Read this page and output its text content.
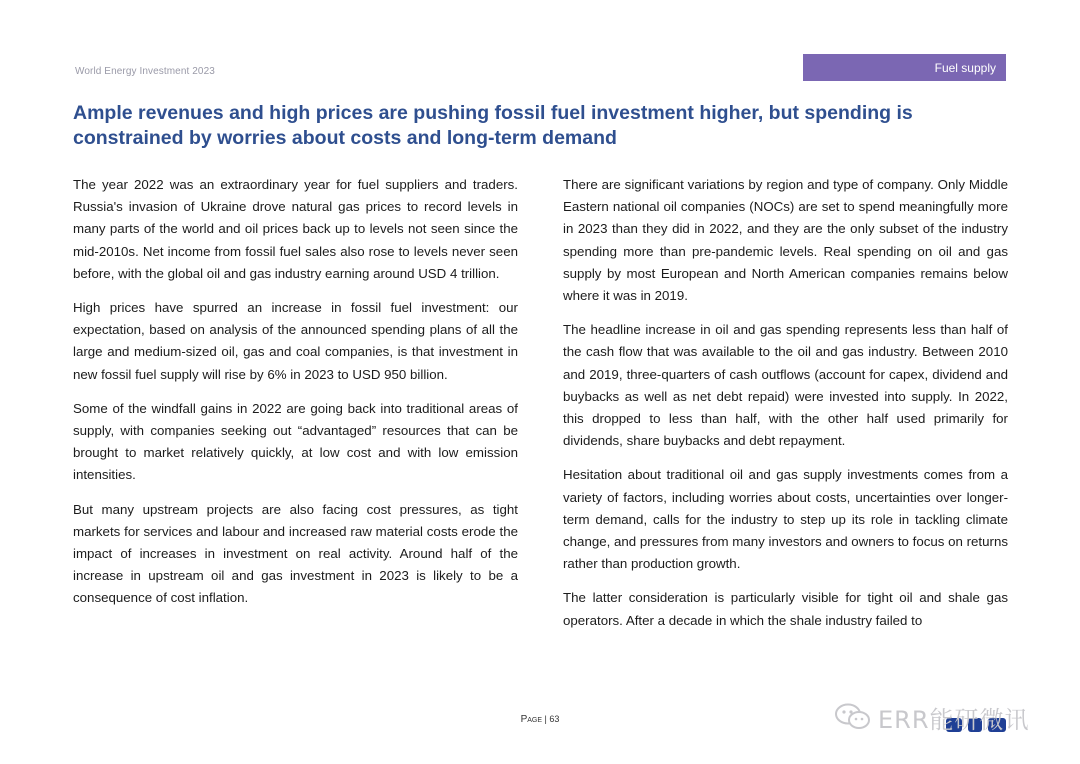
World Energy Investment 2023	Fuel supply
Ample revenues and high prices are pushing fossil fuel investment higher, but spending is constrained by worries about costs and long-term demand

The year 2022 was an extraordinary year for fuel suppliers and traders. Russia's invasion of Ukraine drove natural gas prices to record levels in many parts of the world and oil prices back up to levels not seen since the mid-2010s. Net income from fossil fuel sales also rose to levels never seen before, with the global oil and gas industry earning around USD 4 trillion.

High prices have spurred an increase in fossil fuel investment: our expectation, based on analysis of the announced spending plans of all the large and medium-sized oil, gas and coal companies, is that investment in new fossil fuel supply will rise by 6% in 2023 to USD 950 billion.

Some of the windfall gains in 2022 are going back into traditional areas of supply, with companies seeking out “advantaged” resources that can be brought to market relatively quickly, at low cost and with low emission intensities.

But many upstream projects are also facing cost pressures, as tight markets for services and labour and increased raw material costs erode the impact of increases in investment on real activity. Around half of the increase in upstream oil and gas investment in 2023 is likely to be a consequence of cost inflation.

There are significant variations by region and type of company. Only Middle Eastern national oil companies (NOCs) are set to spend meaningfully more in 2023 than they did in 2022, and they are the only subset of the industry spending more than pre-pandemic levels. Real spending on oil and gas supply by most European and North American companies remains below where it was in 2019.

The headline increase in oil and gas spending represents less than half of the cash flow that was available to the oil and gas industry. Between 2010 and 2019, three-quarters of cash outflows (account for capex, dividend and buybacks as well as net debt repaid) were invested into supply. In 2022, this dropped to less than half, with the other half used primarily for dividends, share buybacks and debt repayment.

Hesitation about traditional oil and gas supply investments comes from a variety of factors, including worries about costs, uncertainties over longer-term demand, calls for the industry to step up its role in tackling climate change, and pressures from many investors and owners to focus on returns rather than production growth.

The latter consideration is particularly visible for tight oil and shale gas operators. After a decade in which the shale industry failed to

Page | 63	ERR能研微讯
